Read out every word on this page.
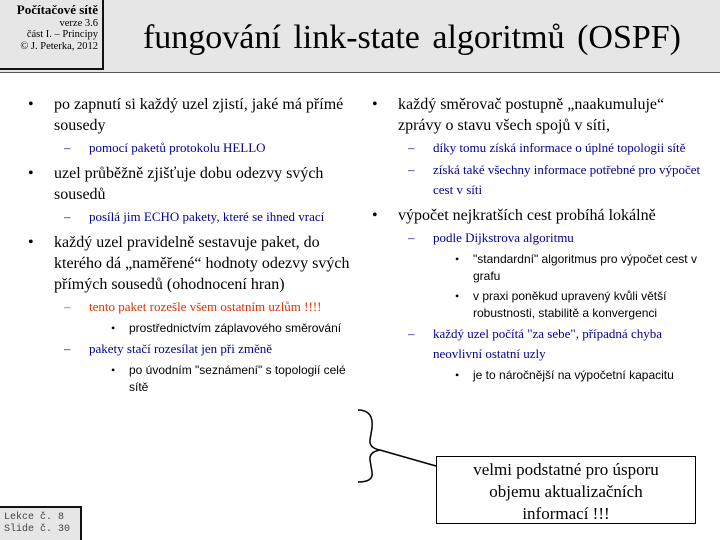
Počítačové sítě
verze 3.6
část I. – Principy
© J. Peterka, 2012	fungování link-state algoritmů (OSPF)
• po zapnutí si každý uzel zjistí, jaké má přímé sousedy
– pomocí paketů protokolu HELLO
• uzel průběžně zjišťuje dobu odezvy svých sousedů
– posílá jim ECHO pakety, které se ihned vrací
• každý uzel pravidelně sestavuje paket, do kterého dá „naměřené“ hodnoty odezvy svých přímých sousedů (ohodnocení hran)
– tento paket rozešle všem ostatním uzlům !!!!
• prostřednictvím záplavového směrování
– pakety stačí rozesílat jen při změně
• po úvodním "seznámení" s topologií celé sítě
• každý směrovač postupně „naakumuluje“ zprávy o stavu všech spojů v síti,
– díky tomu získá informace o úplné topologii sítě
– získá také všechny informace potřebné pro výpočet cest v síti
• výpočet nejkratších cest probíhá lokálně
– podle Dijkstrova algoritmu
• "standardní" algoritmus pro výpočet cest v grafu
• v praxi poněkud upravený kvůli větší robustnosti, stabilitě a konvergenci
– každý uzel počítá "za sebe", případná chyba neovlivní ostatní uzly
• je to náročnější na výpočetní kapacitu
velmi podstatné pro úsporu
objemu aktualizačních
informací !!!
Lekce č. 8
Slide č. 30
